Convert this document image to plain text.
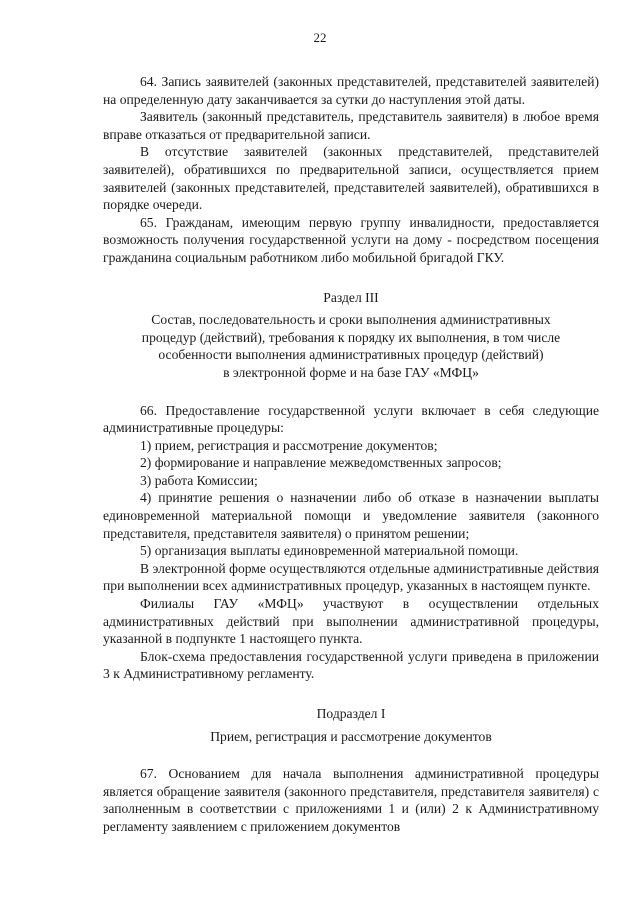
22

64. Запись заявителей (законных представителей, представителей заявителей) на определенную дату заканчивается за сутки до наступления этой даты.

Заявитель (законный представитель, представитель заявителя) в любое время вправе отказаться от предварительной записи.

В отсутствие заявителей (законных представителей, представителей заявителей), обратившихся по предварительной записи, осуществляется прием заявителей (законных представителей, представителей заявителей), обратившихся в порядке очереди.

65. Гражданам, имеющим первую группу инвалидности, предоставляется возможность получения государственной услуги на дому - посредством посещения гражданина социальным работником либо мобильной бригадой ГКУ.

Раздел III

Состав, последовательность и сроки выполнения административных

процедур (действий), требования к порядку их выполнения, в том числе

особенности выполнения административных процедур (действий)

в электронной форме и на базе ГАУ «МФЦ»

66. Предоставление государственной услуги включает в себя следующие административные процедуры:

1) прием, регистрация и рассмотрение документов;

2) формирование и направление межведомственных запросов;

3) работа Комиссии;

4) принятие решения о назначении либо об отказе в назначении выплаты единовременной материальной помощи и уведомление заявителя (законного представителя, представителя заявителя) о принятом решении;

5) организация выплаты единовременной материальной помощи.

В электронной форме осуществляются отдельные административные действия при выполнении всех административных процедур, указанных в настоящем пункте.

Филиалы ГАУ «МФЦ» участвуют в осуществлении отдельных административных действий при выполнении административной процедуры, указанной в подпункте 1 настоящего пункта.

Блок-схема предоставления государственной услуги приведена в приложении 3 к Административному регламенту.

Подраздел I

Прием, регистрация и рассмотрение документов

67. Основанием для начала выполнения административной процедуры является обращение заявителя (законного представителя, представителя заявителя) с заполненным в соответствии с приложениями 1 и (или) 2 к Административному регламенту заявлением с приложением документов
